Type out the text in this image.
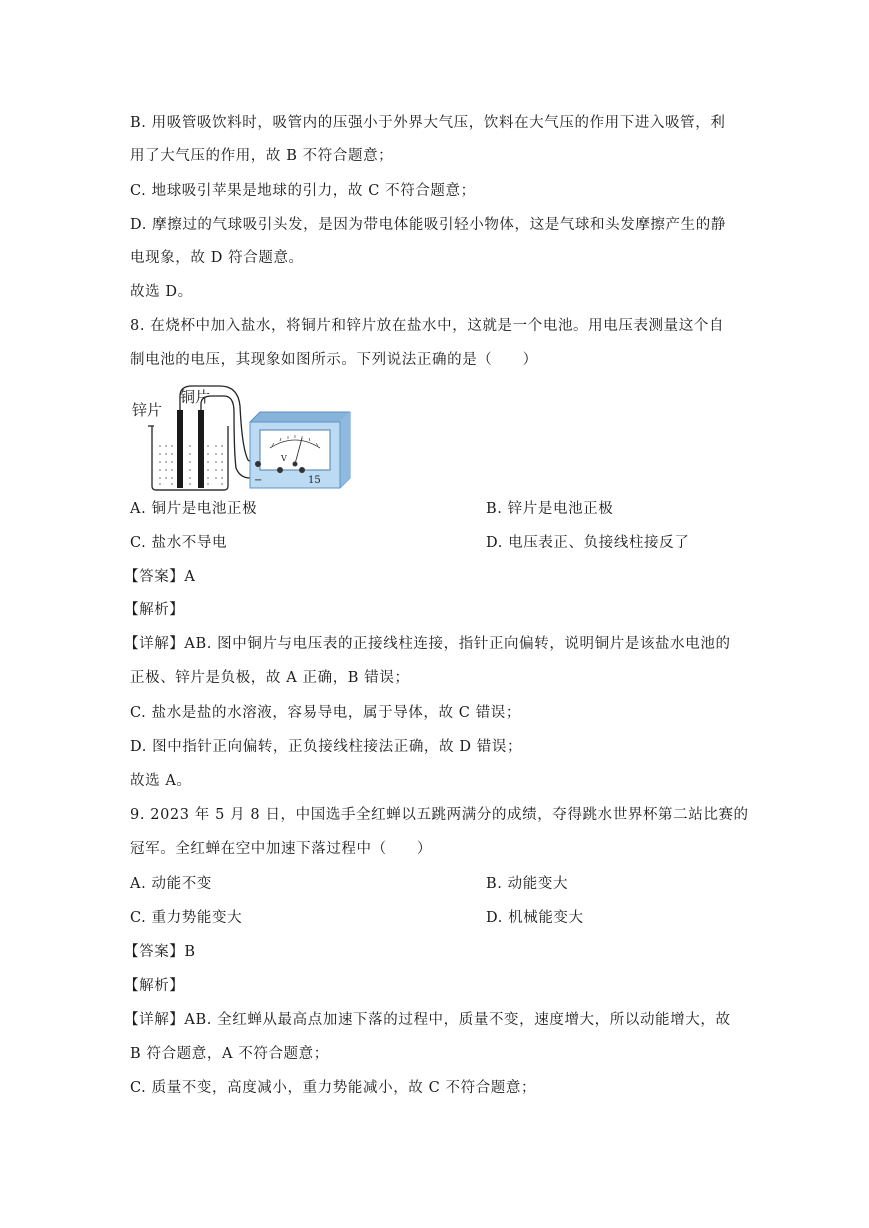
B. 用吸管吸饮料时，吸管内的压强小于外界大气压，饮料在大气压的作用下进入吸管，利
用了大气压的作用，故 B 不符合题意；
C. 地球吸引苹果是地球的引力，故 C 不符合题意；
D. 摩擦过的气球吸引头发，是因为带电体能吸引轻小物体，这是气球和头发摩擦产生的静
电现象，故 D 符合题意。
故选 D。
8. 在烧杯中加入盐水，将铜片和锌片放在盐水中，这就是一个电池。用电压表测量这个自
制电池的电压，其现象如图所示。下列说法正确的是（　　）
锌片
铜片
V
−	15
A. 铜片是电池正极	B. 锌片是电池正极
C. 盐水不导电	D. 电压表正、负接线柱接反了
【答案】A
【解析】
【详解】AB. 图中铜片与电压表的正接线柱连接，指针正向偏转，说明铜片是该盐水电池的
正极、锌片是负极，故 A 正确，B 错误；
C. 盐水是盐的水溶液，容易导电，属于导体，故 C 错误；
D. 图中指针正向偏转，正负接线柱接法正确，故 D 错误；
故选 A。
9. 2023 年 5 月 8 日，中国选手全红蝉以五跳两满分的成绩，夺得跳水世界杯第二站比赛的
冠军。全红蝉在空中加速下落过程中（　　）
A. 动能不变	B. 动能变大
C. 重力势能变大	D. 机械能变大
【答案】B
【解析】
【详解】AB. 全红蝉从最高点加速下落的过程中，质量不变，速度增大，所以动能增大，故
B 符合题意，A 不符合题意；
C. 质量不变，高度减小，重力势能减小，故 C 不符合题意；
